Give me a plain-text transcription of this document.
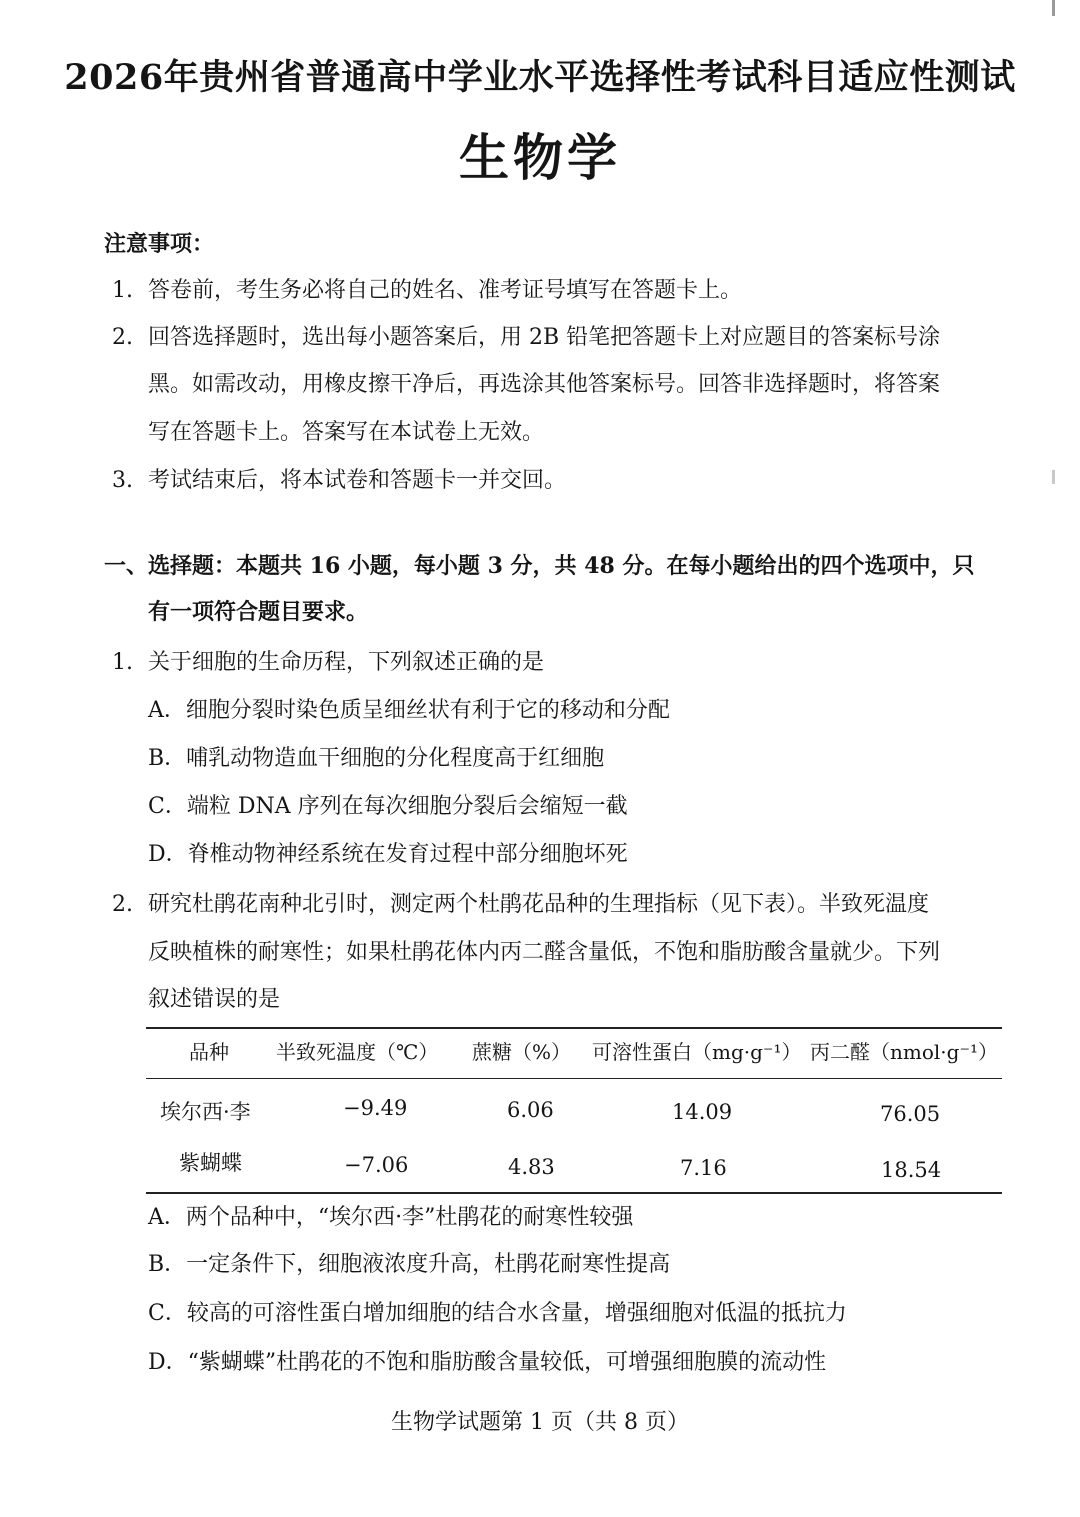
2026年贵州省普通高中学业水平选择性考试科目适应性测试
生物学
注意事项：
1. 答卷前，考生务必将自己的姓名、准考证号填写在答题卡上。
2. 回答选择题时，选出每小题答案后，用 2B 铅笔把答题卡上对应题目的答案标号涂
黑。如需改动，用橡皮擦干净后，再选涂其他答案标号。回答非选择题时，将答案
写在答题卡上。答案写在本试卷上无效。
3. 考试结束后，将本试卷和答题卡一并交回。
一、选择题：本题共 16 小题，每小题 3 分，共 48 分。在每小题给出的四个选项中，只
有一项符合题目要求。
1. 关于细胞的生命历程，下列叙述正确的是
A．细胞分裂时染色质呈细丝状有利于它的移动和分配
B．哺乳动物造血干细胞的分化程度高于红细胞
C．端粒 DNA 序列在每次细胞分裂后会缩短一截
D．脊椎动物神经系统在发育过程中部分细胞坏死
2. 研究杜鹃花南种北引时，测定两个杜鹃花品种的生理指标（见下表）。半致死温度
反映植株的耐寒性；如果杜鹃花体内丙二醛含量低，不饱和脂肪酸含量就少。下列
叙述错误的是
品种 半致死温度（℃） 蔗糖（%） 可溶性蛋白（mg·g⁻¹） 丙二醛（nmol·g⁻¹）
埃尔西·李	−9.49	6.06	14.09	76.05
紫蝴蝶	−7.06	4.83	7.16	18.54
A．两个品种中，“埃尔西·李”杜鹃花的耐寒性较强
B．一定条件下，细胞液浓度升高，杜鹃花耐寒性提高
C．较高的可溶性蛋白增加细胞的结合水含量，增强细胞对低温的抵抗力
D．“紫蝴蝶”杜鹃花的不饱和脂肪酸含量较低，可增强细胞膜的流动性
生物学试题第 1 页（共 8 页）
